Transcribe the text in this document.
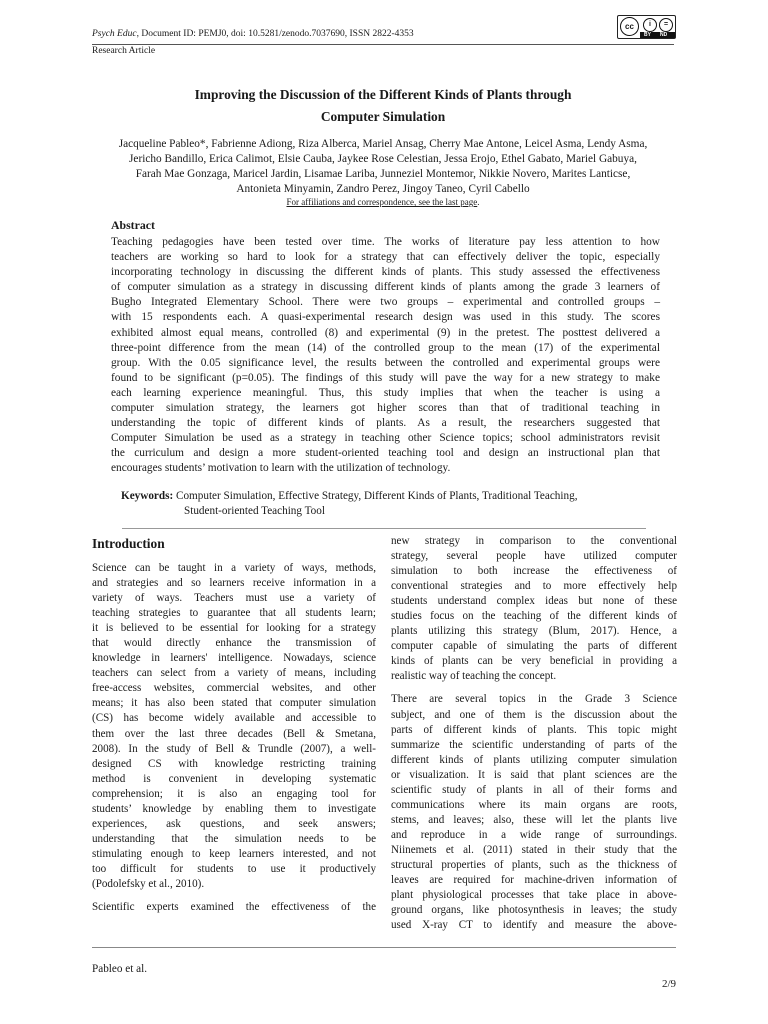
Psych Educ, Document ID: PEMJ0, doi: 10.5281/zenodo.7037690, ISSN 2822-4353
cc	i	=
BY ND
Research Article
Improving the Discussion of the Different Kinds of Plants through
Computer Simulation
Jacqueline Pableo*, Fabrienne Adiong, Riza Alberca, Mariel Ansag, Cherry Mae Antone, Leicel Asma, Lendy Asma,
Jericho Bandillo, Erica Calimot, Elsie Cauba, Jaykee Rose Celestian, Jessa Erojo, Ethel Gabato, Mariel Gabuya,
Farah Mae Gonzaga, Maricel Jardin, Lisamae Lariba, Junneziel Montemor, Nikkie Novero, Marites Lanticse,
Antonieta Minyamin, Zandro Perez, Jingoy Taneo, Cyril Cabello
For affiliations and correspondence, see the last page.
Abstract
Teaching pedagogies have been tested over time. The works of literature pay less attention to how
teachers are working so hard to look for a strategy that can effectively deliver the topic, especially
incorporating technology in discussing the different kinds of plants. This study assessed the effectiveness
of computer simulation as a strategy in discussing different kinds of plants among the grade 3 learners of
Bugho Integrated Elementary School. There were two groups – experimental and controlled groups –
with 15 respondents each. A quasi-experimental research design was used in this study. The scores
exhibited almost equal means, controlled (8) and experimental (9) in the pretest. The posttest delivered a
three-point difference from the mean (14) of the controlled group to the mean (17) of the experimental
group. With the 0.05 significance level, the results between the controlled and experimental groups were
found to be significant (p=0.05). The findings of this study will pave the way for a new strategy to make
each learning experience meaningful. Thus, this study implies that when the teacher is using a
computer simulation strategy, the learners got higher scores than that of traditional teaching in
understanding the topic of different kinds of plants. As a result, the researchers suggested that
Computer Simulation be used as a strategy in teaching other Science topics; school administrators revisit
the curriculum and design a more student-oriented teaching tool and design an instructional plan that
encourages students’ motivation to learn with the utilization of technology.
Keywords: Computer Simulation, Effective Strategy, Different Kinds of Plants, Traditional Teaching,
Student-oriented Teaching Tool
Introduction
Science can be taught in a variety of ways, methods,
and strategies and so learners receive information in a
variety of ways. Teachers must use a variety of
teaching strategies to guarantee that all students learn;
it is believed to be essential for looking for a strategy
that would directly enhance the transmission of
knowledge in learners' intelligence. Nowadays, science
teachers can select from a variety of means, including
free-access websites, commercial websites, and other
means; it has also been stated that computer simulation
(CS) has become widely available and accessible to
them over the last three decades (Bell & Smetana,
2008). In the study of Bell & Trundle (2007), a well-
designed CS with knowledge restricting training
method is convenient in developing systematic
comprehension; it is also an engaging tool for
students’ knowledge by enabling them to investigate
experiences, ask questions, and seek answers;
understanding that the simulation needs to be
stimulating enough to keep learners interested, and not
too difficult for students to use it productively
(Podolefsky et al., 2010).
Scientific experts examined the effectiveness of the
new strategy in comparison to the conventional
strategy, several people have utilized computer
simulation to both increase the effectiveness of
conventional strategies and to more effectively help
students understand complex ideas but none of these
studies focus on the teaching of the different kinds of
plants utilizing this strategy (Blum, 2017). Hence, a
computer capable of simulating the parts of different
kinds of plants can be very beneficial in providing a
realistic way of teaching the concept.
There are several topics in the Grade 3 Science
subject, and one of them is the discussion about the
parts of different kinds of plants. This topic might
summarize the scientific understanding of parts of the
different kinds of plants utilizing computer simulation
or visualization. It is said that plant sciences are the
scientific study of plants in all of their forms and
communications where its main organs are roots,
stems, and leaves; also, these will let the plants live
and reproduce in a wide range of surroundings.
Niinemets et al. (2011) stated in their study that the
structural properties of plants, such as the thickness of
leaves are required for machine-driven information of
plant physiological processes that take place in above-
ground organs, like photosynthesis in leaves; the study
used X-ray CT to identify and measure the above-
Pableo et al.
2/9
